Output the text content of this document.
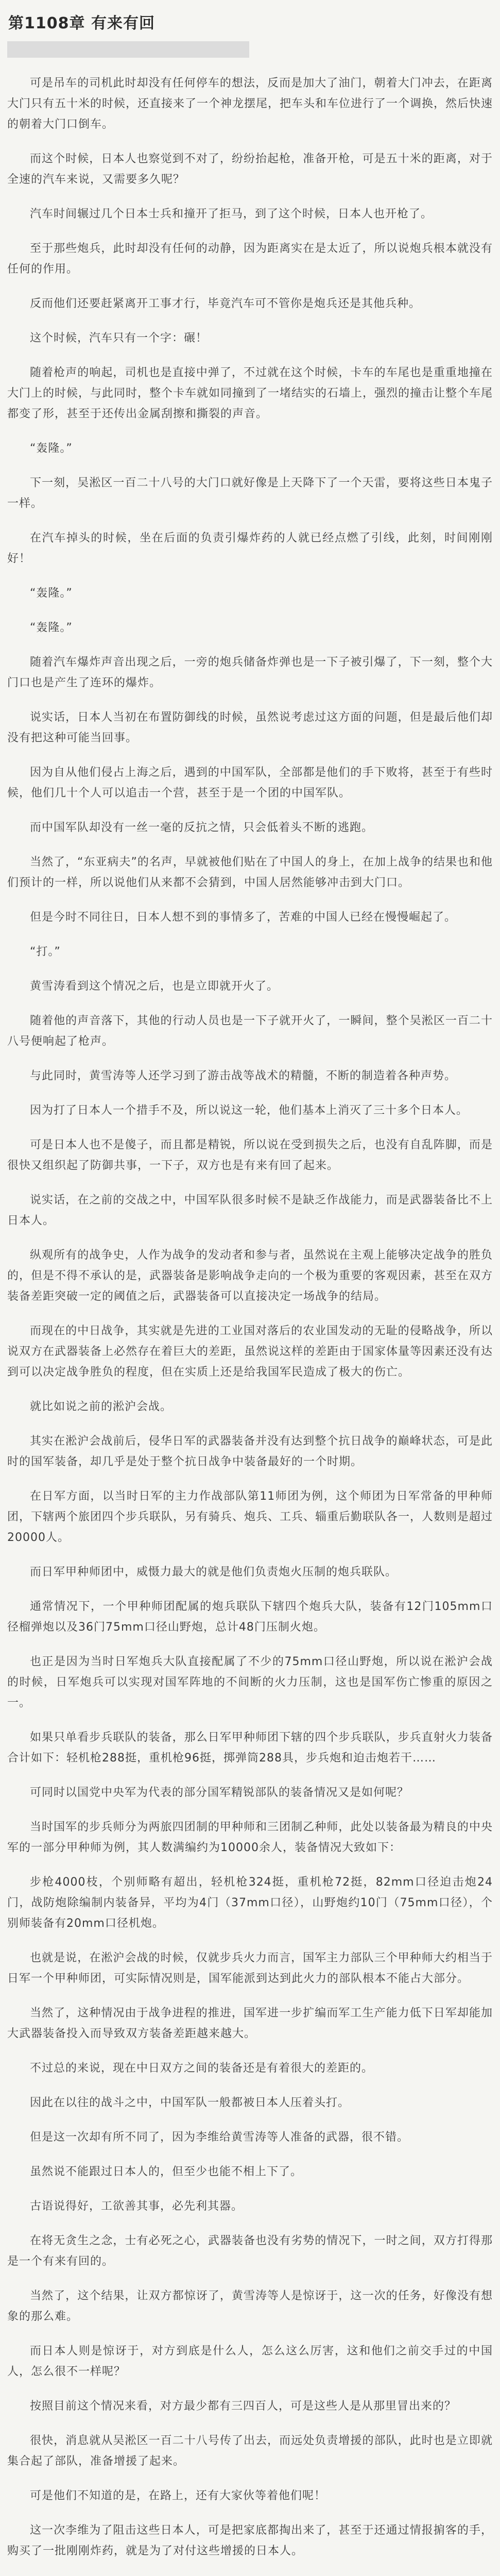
第1108章 有来有回

可是吊车的司机此时却没有任何停车的想法，反而是加大了油门，朝着大门冲去，在距离大门只有五十米的时候，还直接来了一个神龙摆尾，把车头和车位进行了一个调换，然后快速的朝着大门口倒车。

而这个时候，日本人也察觉到不对了，纷纷抬起枪，准备开枪，可是五十米的距离，对于全速的汽车来说，又需要多久呢？

汽车时间辗过几个日本士兵和撞开了拒马，到了这个时候，日本人也开枪了。

至于那些炮兵，此时却没有任何的动静，因为距离实在是太近了，所以说炮兵根本就没有任何的作用。

反而他们还要赶紧离开工事才行，毕竟汽车可不管你是炮兵还是其他兵种。

这个时候，汽车只有一个字：碾！

随着枪声的响起，司机也是直接中弹了，不过就在这个时候，卡车的车尾也是重重地撞在大门上的时候，与此同时，整个卡车就如同撞到了一堵结实的石墙上，强烈的撞击让整个车尾都变了形，甚至于还传出金属刮擦和撕裂的声音。

“轰隆。”

下一刻，吴淞区一百二十八号的大门口就好像是上天降下了一个天雷，要将这些日本鬼子一样。

在汽车掉头的时候，坐在后面的负责引爆炸药的人就已经点燃了引线，此刻，时间刚刚好！

“轰隆。”

“轰隆。”

随着汽车爆炸声音出现之后，一旁的炮兵储备炸弹也是一下子被引爆了，下一刻，整个大门口也是产生了连环的爆炸。

说实话，日本人当初在布置防御线的时候，虽然说考虑过这方面的问题，但是最后他们却没有把这种可能当回事。

因为自从他们侵占上海之后，遇到的中国军队，全部都是他们的手下败将，甚至于有些时候，他们几十个人可以追击一个营，甚至于是一个团的中国军队。

而中国军队却没有一丝一毫的反抗之情，只会低着头不断的逃跑。

当然了，“东亚病夫”的名声，早就被他们贴在了中国人的身上，在加上战争的结果也和他们预计的一样，所以说他们从来都不会猜到，中国人居然能够冲击到大门口。

但是今时不同往日，日本人想不到的事情多了，苦难的中国人已经在慢慢崛起了。

“打。”

黄雪涛看到这个情况之后，也是立即就开火了。

随着他的声音落下，其他的行动人员也是一下子就开火了，一瞬间，整个吴淞区一百二十八号便响起了枪声。

与此同时，黄雪涛等人还学习到了游击战等战术的精髓，不断的制造着各种声势。

因为打了日本人一个措手不及，所以说这一轮，他们基本上消灭了三十多个日本人。

可是日本人也不是傻子，而且都是精锐，所以说在受到损失之后，也没有自乱阵脚，而是很快又组织起了防御共事，一下子，双方也是有来有回了起来。

说实话，在之前的交战之中，中国军队很多时候不是缺乏作战能力，而是武器装备比不上日本人。

纵观所有的战争史，人作为战争的发动者和参与者，虽然说在主观上能够决定战争的胜负的，但是不得不承认的是，武器装备是影响战争走向的一个极为重要的客观因素，甚至在双方装备差距突破一定的阈值之后，武器装备可以直接决定一场战争的结局。

而现在的中日战争，其实就是先进的工业国对落后的农业国发动的无耻的侵略战争，所以说双方在武器装备上必然存在着巨大的差距，虽然说这样的差距由于国家体量等因素还没有达到可以决定战争胜负的程度，但在实质上还是给我国军民造成了极大的伤亡。

就比如说之前的淞沪会战。

其实在淞沪会战前后，侵华日军的武器装备并没有达到整个抗日战争的巅峰状态，可是此时的国军装备，却几乎是处于整个抗日战争中装备最好的一个时期。

在日军方面，以当时日军的主力作战部队第11师团为例，这个师团为日军常备的甲种师团，下辖两个旅团四个步兵联队，另有骑兵、炮兵、工兵、辎重后勤联队各一，人数则是超过20000人。

而日军甲种师团中，威慑力最大的就是他们负责炮火压制的炮兵联队。

通常情况下，一个甲种师团配属的炮兵联队下辖四个炮兵大队，装备有12门105mm口径榴弹炮以及36门75mm口径山野炮，总计48门压制火炮。

也正是因为当时日军炮兵大队直接配属了不少的75mm口径山野炮，所以说在淞沪会战的时候，日军炮兵可以实现对国军阵地的不间断的火力压制，这也是国军伤亡惨重的原因之一。

如果只单看步兵联队的装备，那么日军甲种师团下辖的四个步兵联队，步兵直射火力装备合计如下：轻机枪288挺，重机枪96挺，掷弹筒288具，步兵炮和迫击炮若干……

可同时以国党中央军为代表的部分国军精锐部队的装备情况又是如何呢？

当时国军的步兵师分为两旅四团制的甲种师和三团制乙种师，此处以装备最为精良的中央军的一部分甲种师为例，其人数满编约为10000余人，装备情况大致如下：

步枪4000枝，个别师略有超出，轻机枪324挺，重机枪72挺，82mm口径迫击炮24门，战防炮除编制内装备异，平均为4门（37mm口径），山野炮约10门（75mm口径），个别师装备有20mm口径机炮。

也就是说，在淞沪会战的时候，仅就步兵火力而言，国军主力部队三个甲种师大约相当于日军一个甲种师团，可实际情况则是，国军能派到达到此火力的部队根本不能占大部分。

当然了，这种情况由于战争进程的推进，国军进一步扩编而军工生产能力低下日军却能加大武器装备投入而导致双方装备差距越来越大。

不过总的来说，现在中日双方之间的装备还是有着很大的差距的。

因此在以往的战斗之中，中国军队一般都被日本人压着头打。

但是这一次却有所不同了，因为李维给黄雪涛等人准备的武器，很不错。

虽然说不能跟过日本人的，但至少也能不相上下了。

古语说得好，工欲善其事，必先利其器。

在将无贪生之念，士有必死之心，武器装备也没有劣势的情况下，一时之间，双方打得那是一个有来有回的。

当然了，这个结果，让双方都惊讶了，黄雪涛等人是惊讶于，这一次的任务，好像没有想象的那么难。

而日本人则是惊讶于，对方到底是什么人，怎么这么厉害，这和他们之前交手过的中国人，怎么很不一样呢？

按照目前这个情况来看，对方最少都有三四百人，可是这些人是从那里冒出来的？

很快，消息就从吴淞区一百二十八号传了出去，而远处负责增援的部队，此时也是立即就集合起了部队，准备增援了起来。

可是他们不知道的是，在路上，还有大家伙等着他们呢！

这一次李维为了阻击这些日本人，可是把家底都掏出来了，甚至于还通过情报掮客的手，购买了一批刚刚炸药，就是为了对付这些增援的日本人。
